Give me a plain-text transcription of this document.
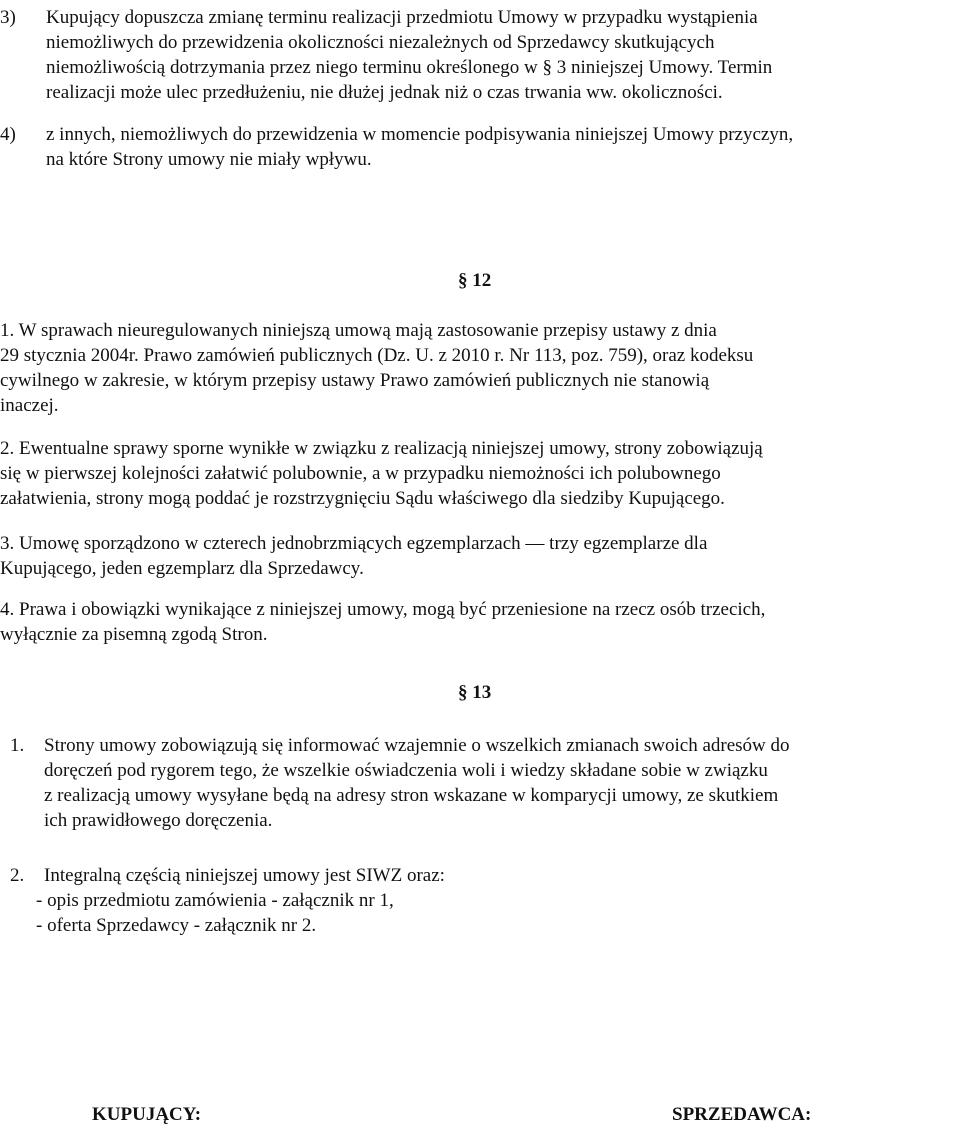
3) Kupujący dopuszcza zmianę terminu realizacji przedmiotu Umowy w przypadku wystąpienia
niemożliwych do przewidzenia okoliczności niezależnych od Sprzedawcy skutkujących
niemożliwością dotrzymania przez niego terminu określonego w § 3 niniejszej Umowy. Termin
realizacji może ulec przedłużeniu, nie dłużej jednak niż o czas trwania ww. okoliczności.
4) z innych, niemożliwych do przewidzenia w momencie podpisywania niniejszej Umowy przyczyn,
na które Strony umowy nie miały wpływu.
§ 12
1. W sprawach nieuregulowanych niniejszą umową mają zastosowanie przepisy ustawy z dnia
29 stycznia 2004r. Prawo zamówień publicznych (Dz. U. z 2010 r. Nr 113, poz. 759), oraz kodeksu
cywilnego w zakresie, w którym przepisy ustawy Prawo zamówień publicznych nie stanowią
inaczej.
2. Ewentualne sprawy sporne wynikłe w związku z realizacją niniejszej umowy, strony zobowiązują
się w pierwszej kolejności załatwić polubownie, a w przypadku niemożności ich polubownego
załatwienia, strony mogą poddać je rozstrzygnięciu Sądu właściwego dla siedziby Kupującego.
3. Umowę sporządzono w czterech jednobrzmiących egzemplarzach — trzy egzemplarze dla
Kupującego, jeden egzemplarz dla Sprzedawcy.
4. Prawa i obowiązki wynikające z niniejszej umowy, mogą być przeniesione na rzecz osób trzecich,
wyłącznie za pisemną zgodą Stron.
§ 13
1. Strony umowy zobowiązują się informować wzajemnie o wszelkich zmianach swoich adresów do
doręczeń pod rygorem tego, że wszelkie oświadczenia woli i wiedzy składane sobie w związku
z realizacją umowy wysyłane będą na adresy stron wskazane w komparycji umowy, ze skutkiem
ich prawidłowego doręczenia.
2. Integralną częścią niniejszej umowy jest SIWZ oraz:
- opis przedmiotu zamówienia - załącznik nr 1,
- oferta Sprzedawcy - załącznik nr 2.
KUPUJĄCY:	SPRZEDAWCA:
